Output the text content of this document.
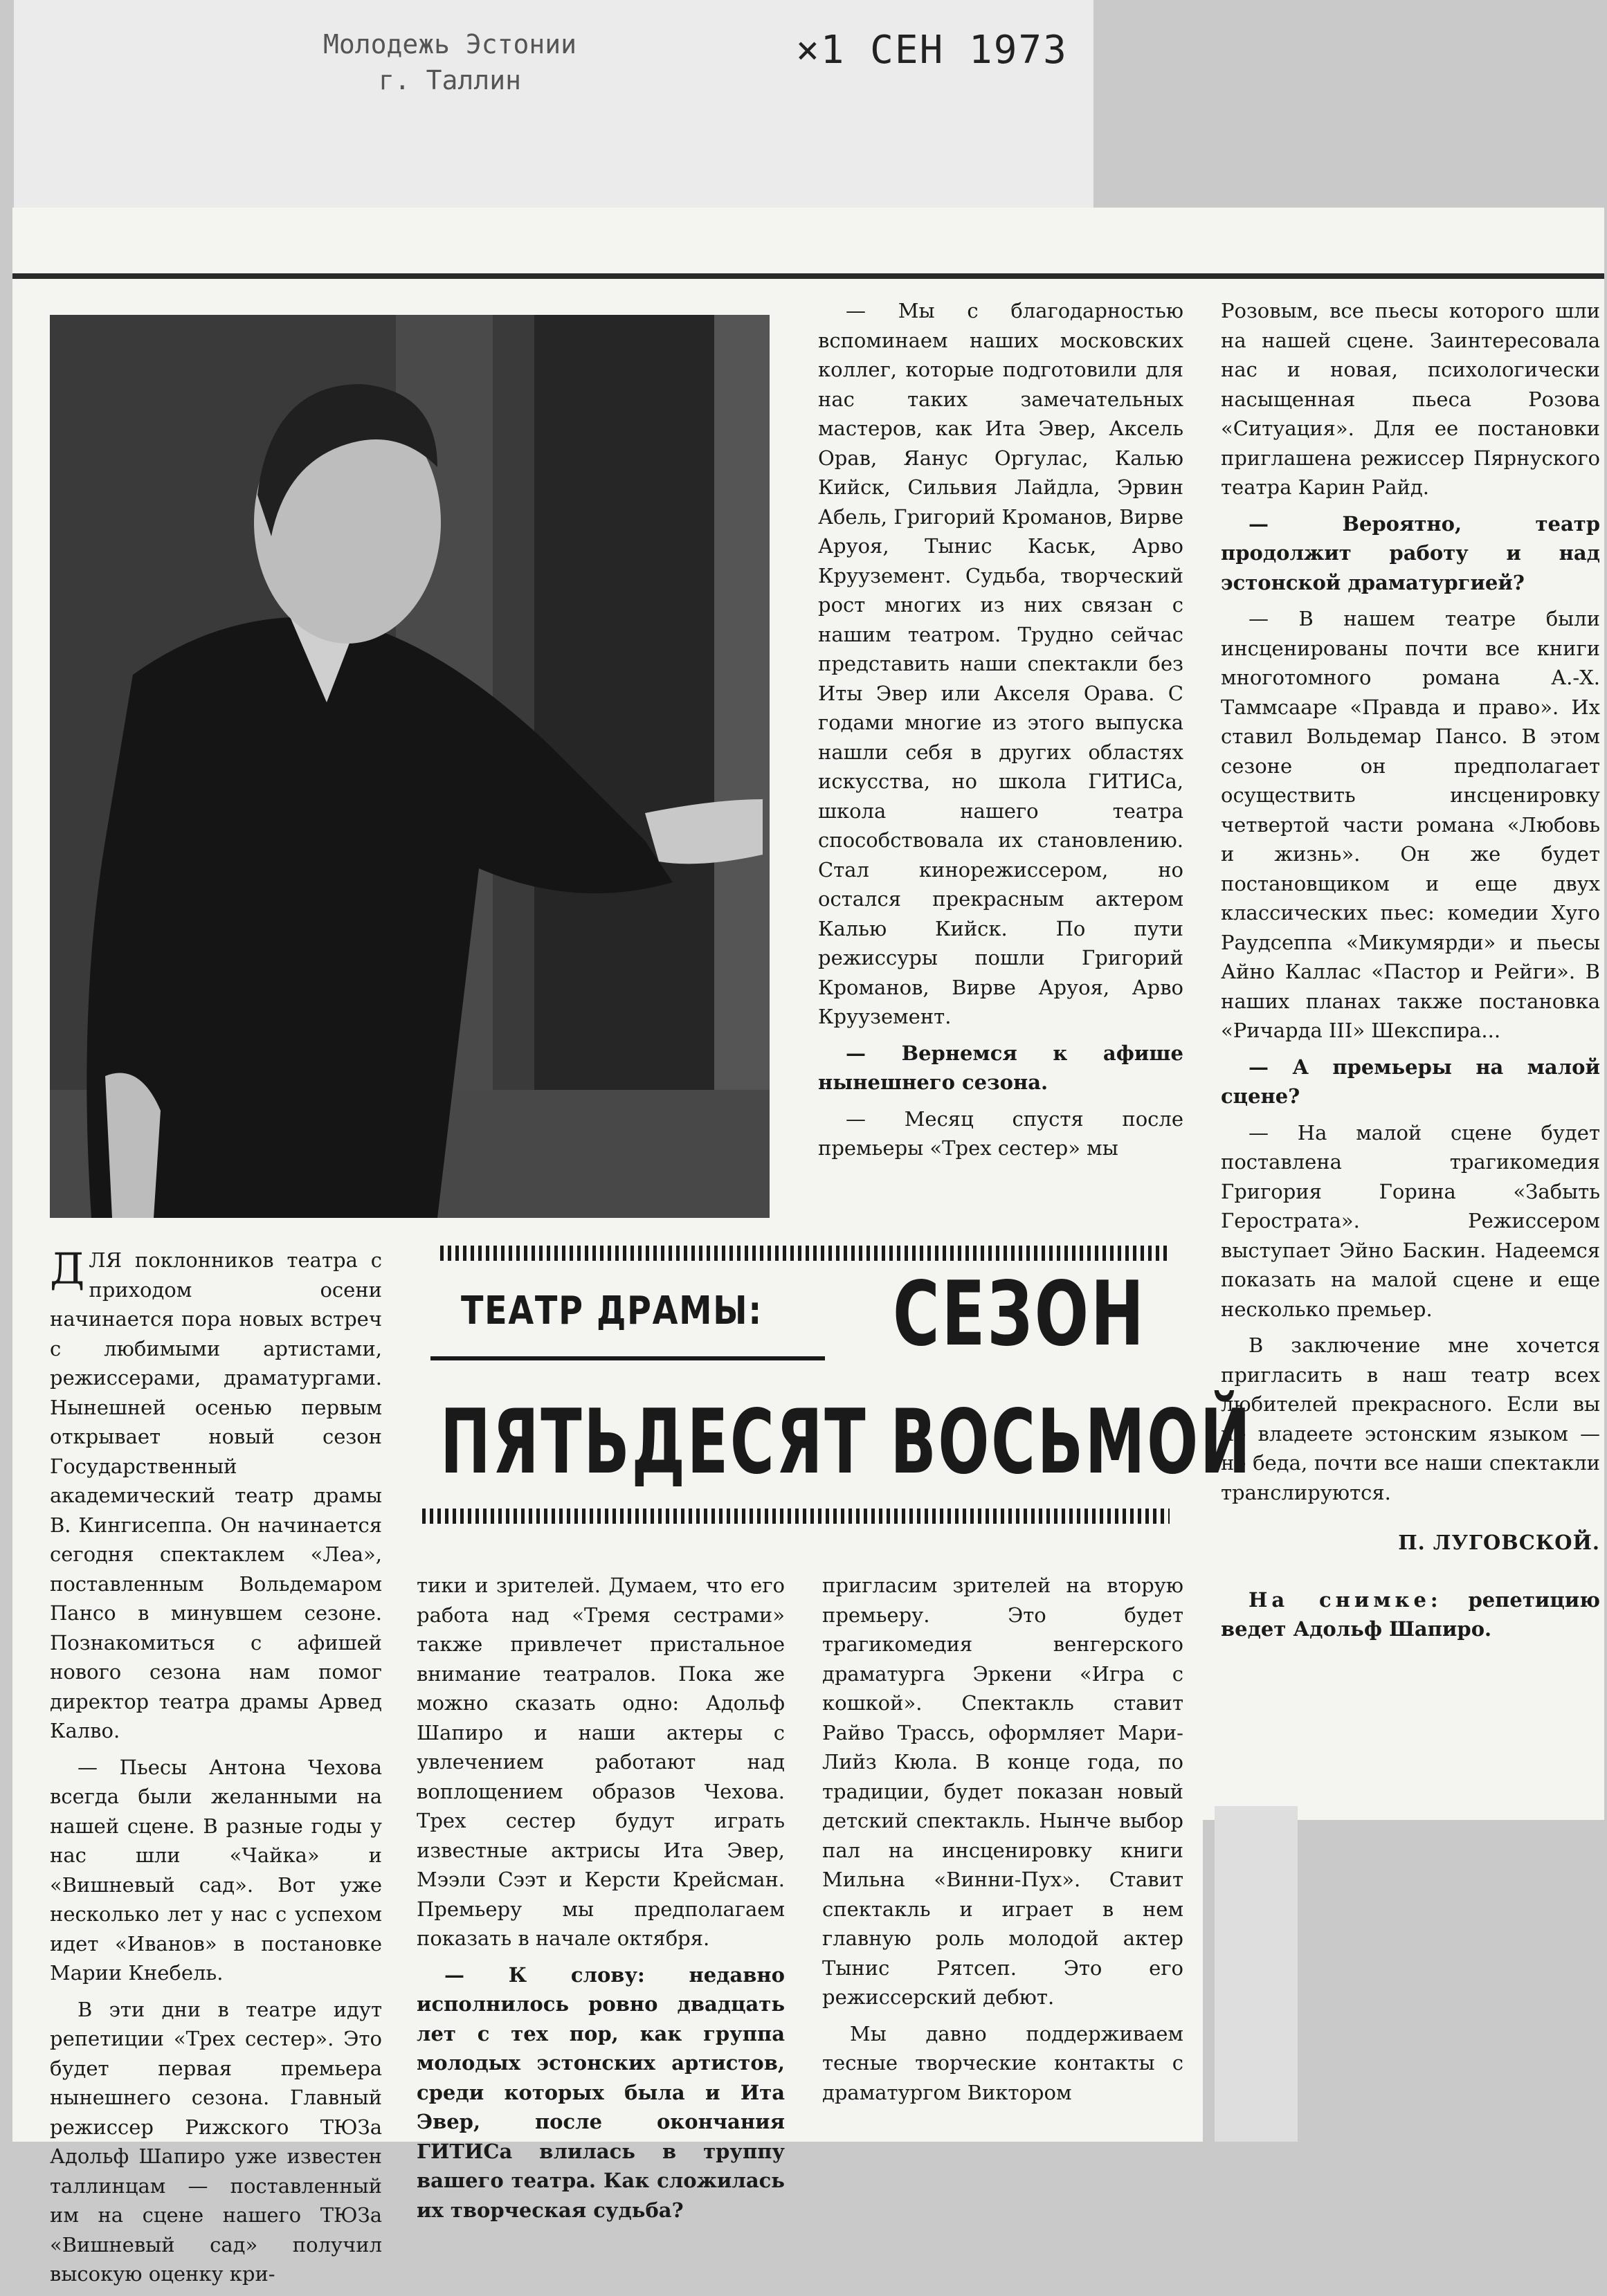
Молодежь Эстонии
г. Таллин
×1 СЕН 1973

— Мы с благодарностью вспоминаем наших московских коллег, которые подготовили для нас таких замечательных мастеров, как Ита Эвер, Аксель Орав, Яанус Оргулас, Калью Кийск, Сильвия Лайдла, Эрвин Абель, Григорий Кроманов, Вирве Аруоя, Тынис Каськ, Арво Крууземент. Судьба, творческий рост многих из них связан с нашим театром. Трудно сейчас представить наши спектакли без Иты Эвер или Акселя Орава. С годами многие из этого выпуска нашли себя в других областях искусства, но школа ГИТИСа, школа нашего театра способствовала их становлению. Стал кинорежиссером, но остался прекрасным актером Калью Кийск. По пути режиссуры пошли Григорий Кроманов, Вирве Аруоя, Арво Крууземент.

— Вернемся к афише нынешнего сезона.

— Месяц спустя после премьеры «Трех сестер» мы

Розовым, все пьесы которого шли на нашей сцене. Заинтересовала нас и новая, психологически насыщенная пьеса Розова «Ситуация». Для ее постановки приглашена режиссер Пярнуского театра Карин Райд.

— Вероятно, театр продолжит работу и над эстонской драматургией?

— В нашем театре были инсценированы почти все книги многотомного романа А.-Х. Таммсааре «Правда и право». Их ставил Вольдемар Пансо. В этом сезоне он предполагает осуществить инсценировку четвертой части романа «Любовь и жизнь». Он же будет постановщиком и еще двух классических пьес: комедии Хуго Раудсеппа «Микумярди» и пьесы Айно Каллас «Пастор и Рейги». В наших планах также постановка «Ричарда III» Шекспира...

— А премьеры на малой сцене?

— На малой сцене будет поставлена трагикомедия Григория Горина «Забыть Герострата». Режиссером выступает Эйно Баскин. Надеемся показать на малой сцене и еще несколько премьер.

В заключение мне хочется пригласить в наш театр всех любителей прекрасного. Если вы не владеете эстонским языком — не беда, почти все наши спектакли транслируются.

П. ЛУГОВСКОЙ.
На снимке: репетицию ведет Адольф Шапиро.
ТЕАТР ДРАМЫ: СЕЗОН
ПЯТЬДЕСЯТ ВОСЬМОЙ

ДЛЯ поклонников театра с приходом осени начинается пора новых встреч с любимыми артистами, режиссерами, драматургами. Нынешней осенью первым открывает новый сезон Государственный академический театр драмы В. Кингисеппа. Он начинается сегодня спектаклем «Леа», поставленным Вольдемаром Пансо в минувшем сезоне. Познакомиться с афишей нового сезона нам помог директор театра драмы Арвед Калво.

— Пьесы Антона Чехова всегда были желанными на нашей сцене. В разные годы у нас шли «Чайка» и «Вишневый сад». Вот уже несколько лет у нас с успехом идет «Иванов» в постановке Марии Кнебель.

В эти дни в театре идут репетиции «Трех сестер». Это будет первая премьера нынешнего сезона. Главный режиссер Рижского ТЮЗа Адольф Шапиро уже известен таллинцам — поставленный им на сцене нашего ТЮЗа «Вишневый сад» получил высокую оценку кри-

тики и зрителей. Думаем, что его работа над «Тремя сестрами» также привлечет пристальное внимание театралов. Пока же можно сказать одно: Адольф Шапиро и наши актеры с увлечением работают над воплощением образов Чехова. Трех сестер будут играть известные актрисы Ита Эвер, Мээли Сээт и Керсти Крейсман. Премьеру мы предполагаем показать в начале октября.

— К слову: недавно исполнилось ровно двадцать лет с тех пор, как группа молодых эстонских артистов, среди которых была и Ита Эвер, после окончания ГИТИСа влилась в труппу вашего театра. Как сложилась их творческая судьба?

пригласим зрителей на вторую премьеру. Это будет трагикомедия венгерского драматурга Эркени «Игра с кошкой». Спектакль ставит Райво Трассь, оформляет Мари-Лийз Кюла. В конце года, по традиции, будет показан новый детский спектакль. Нынче выбор пал на инсценировку книги Мильна «Винни-Пух». Ставит спектакль и играет в нем главную роль молодой актер Тынис Рятсеп. Это его режиссерский дебют.

Мы давно поддерживаем тесные творческие контакты с драматургом Виктором
